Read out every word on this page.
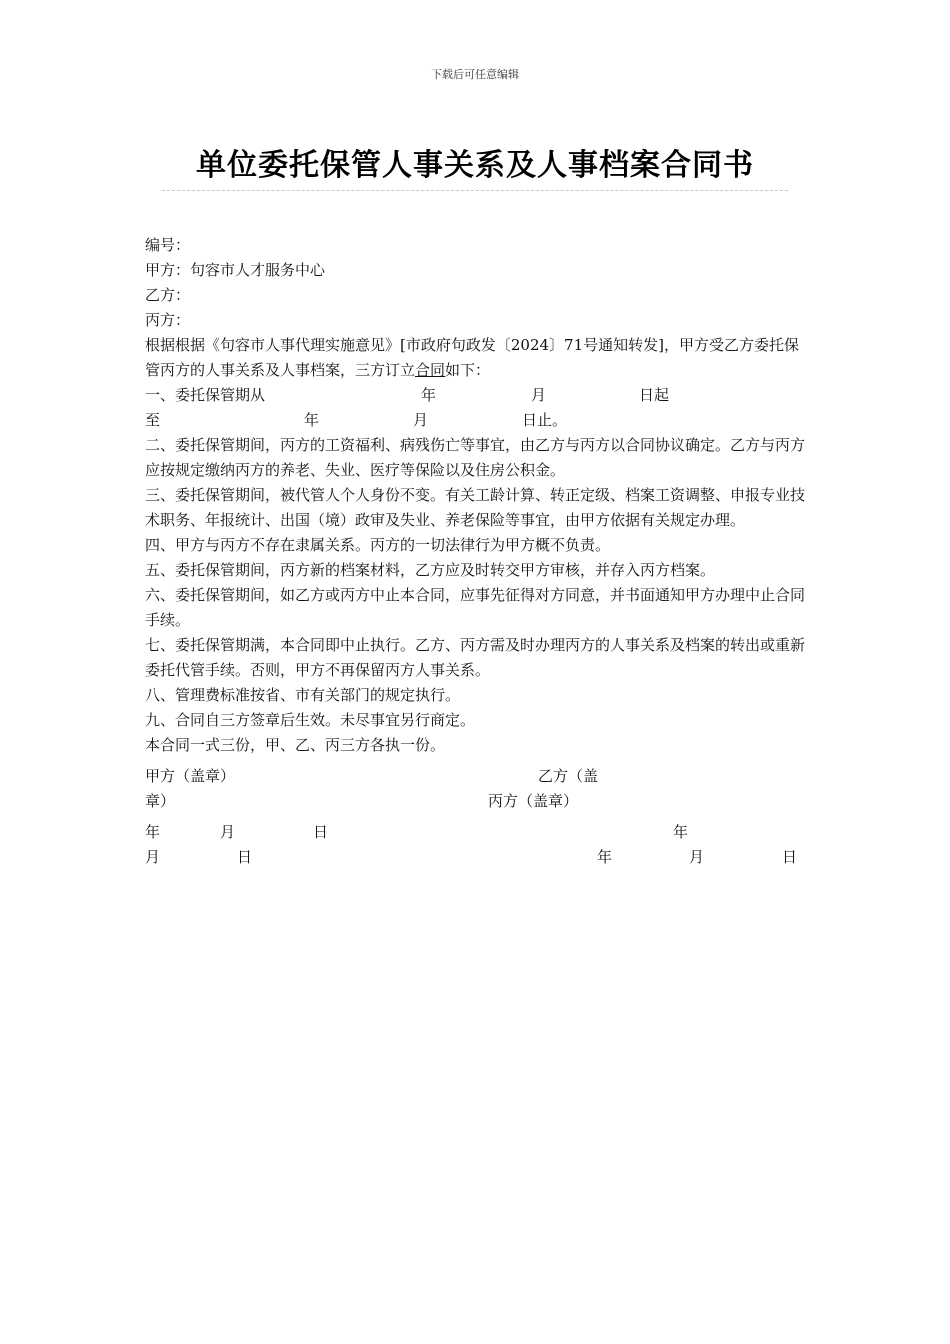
下载后可任意编辑
单位委托保管人事关系及人事档案合同书
编号：
甲方：句容市人才服务中心
乙方：
丙方：
根据根据《句容市人事代理实施意见》[市政府句政发〔2024〕71号通知转发]，甲方受乙方委托保管丙方的人事关系及人事档案，三方订立合同如下：
一、委托保管期从	年	月	日起
至	年	月	日止。
二、委托保管期间，丙方的工资福利、病残伤亡等事宜，由乙方与丙方以合同协议确定。乙方与丙方应按规定缴纳丙方的养老、失业、医疗等保险以及住房公积金。
三、委托保管期间，被代管人个人身份不变。有关工龄计算、转正定级、档案工资调整、申报专业技术职务、年报统计、出国（境）政审及失业、养老保险等事宜，由甲方依据有关规定办理。
四、甲方与丙方不存在隶属关系。丙方的一切法律行为甲方概不负责。
五、委托保管期间，丙方新的档案材料，乙方应及时转交甲方审核，并存入丙方档案。
六、委托保管期间，如乙方或丙方中止本合同，应事先征得对方同意，并书面通知甲方办理中止合同手续。
七、委托保管期满，本合同即中止执行。乙方、丙方需及时办理丙方的人事关系及档案的转出或重新委托代管手续。否则，甲方不再保留丙方人事关系。
八、管理费标准按省、市有关部门的规定执行。
九、合同自三方签章后生效。未尽事宜另行商定。
本合同一式三份，甲、乙、丙三方各执一份。
甲方（盖章）	乙方（盖
章）	丙方（盖章）
年	月	日	年
月	日	年	月	日
